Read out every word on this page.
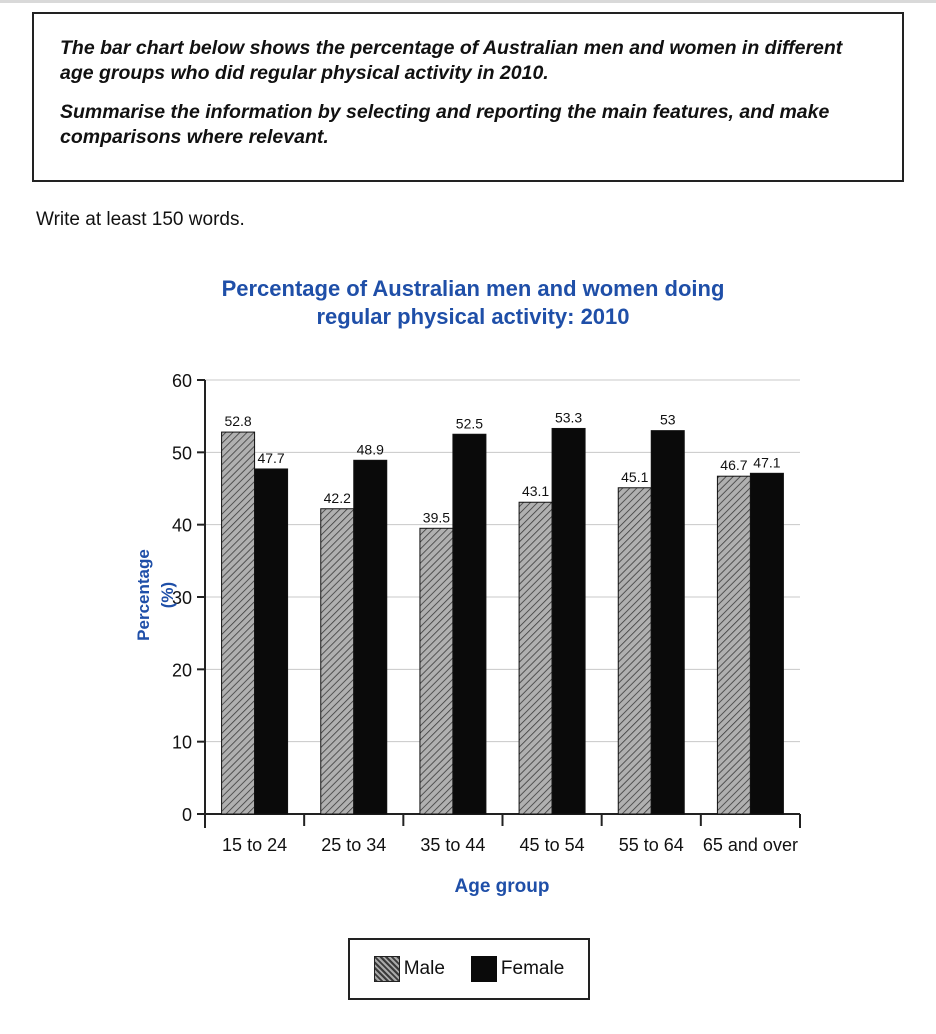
The bar chart below shows the percentage of Australian men and women in different age groups who did regular physical activity in 2010.

Summarise the information by selecting and reporting the main features, and make comparisons where relevant.

Write at least 150 words.
Percentage of Australian men and women doing
regular physical activity: 2010
0
10
20
30
40
50
60
52.8
47.7
15 to 24
42.2
48.9
25 to 34
39.5
52.5
35 to 44
43.1
53.3
45 to 54
45.1
53
55 to 64
46.7 47.1
65 and over
Percentage (%)
Age group
Male	Female
